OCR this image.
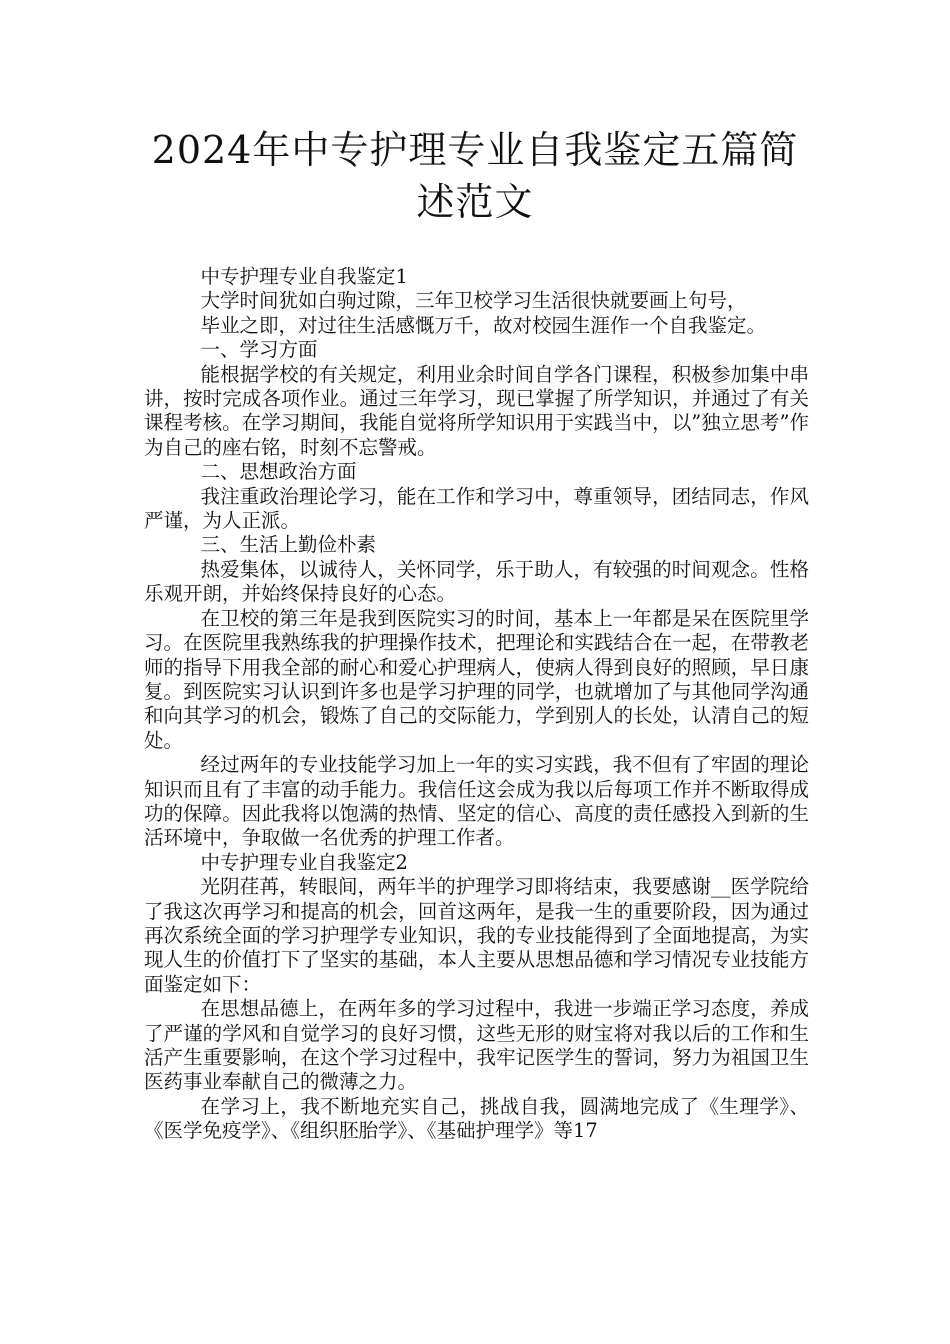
2024年中专护理专业自我鉴定五篇简述范文

中专护理专业自我鉴定1

大学时间犹如白驹过隙，三年卫校学习生活很快就要画上句号，

毕业之即，对过往生活感慨万千，故对校园生涯作一个自我鉴定。

一、学习方面

能根据学校的有关规定，利用业余时间自学各门课程，积极参加集中串讲，按时完成各项作业。通过三年学习，现已掌握了所学知识，并通过了有关课程考核。在学习期间，我能自觉将所学知识用于实践当中，以”独立思考”作为自己的座右铭，时刻不忘警戒。

二、思想政治方面

我注重政治理论学习，能在工作和学习中，尊重领导，团结同志，作风严谨，为人正派。

三、生活上勤俭朴素

热爱集体，以诚待人，关怀同学，乐于助人，有较强的时间观念。性格乐观开朗，并始终保持良好的心态。

在卫校的第三年是我到医院实习的时间，基本上一年都是呆在医院里学习。在医院里我熟练我的护理操作技术，把理论和实践结合在一起，在带教老师的指导下用我全部的耐心和爱心护理病人，使病人得到良好的照顾，早日康复。到医院实习认识到许多也是学习护理的同学，也就增加了与其他同学沟通和向其学习的机会，锻炼了自己的交际能力，学到别人的长处，认清自己的短处。

经过两年的专业技能学习加上一年的实习实践，我不但有了牢固的理论知识而且有了丰富的动手能力。我信任这会成为我以后每项工作并不断取得成功的保障。因此我将以饱满的热情、坚定的信心、高度的责任感投入到新的生活环境中，争取做一名优秀的护理工作者。

中专护理专业自我鉴定2

光阴荏苒，转眼间，两年半的护理学习即将结束，我要感谢__医学院给了我这次再学习和提高的机会，回首这两年，是我一生的重要阶段，因为通过再次系统全面的学习护理学专业知识，我的专业技能得到了全面地提高，为实现人生的价值打下了坚实的基础，本人主要从思想品德和学习情况专业技能方面鉴定如下：

在思想品德上，在两年多的学习过程中，我进一步端正学习态度，养成了严谨的学风和自觉学习的良好习惯，这些无形的财宝将对我以后的工作和生活产生重要影响，在这个学习过程中，我牢记医学生的誓词，努力为祖国卫生医药事业奉献自己的微薄之力。

在学习上，我不断地充实自己，挑战自我，圆满地完成了《生理学》、《医学免疫学》、《组织胚胎学》、《基础护理学》等17
